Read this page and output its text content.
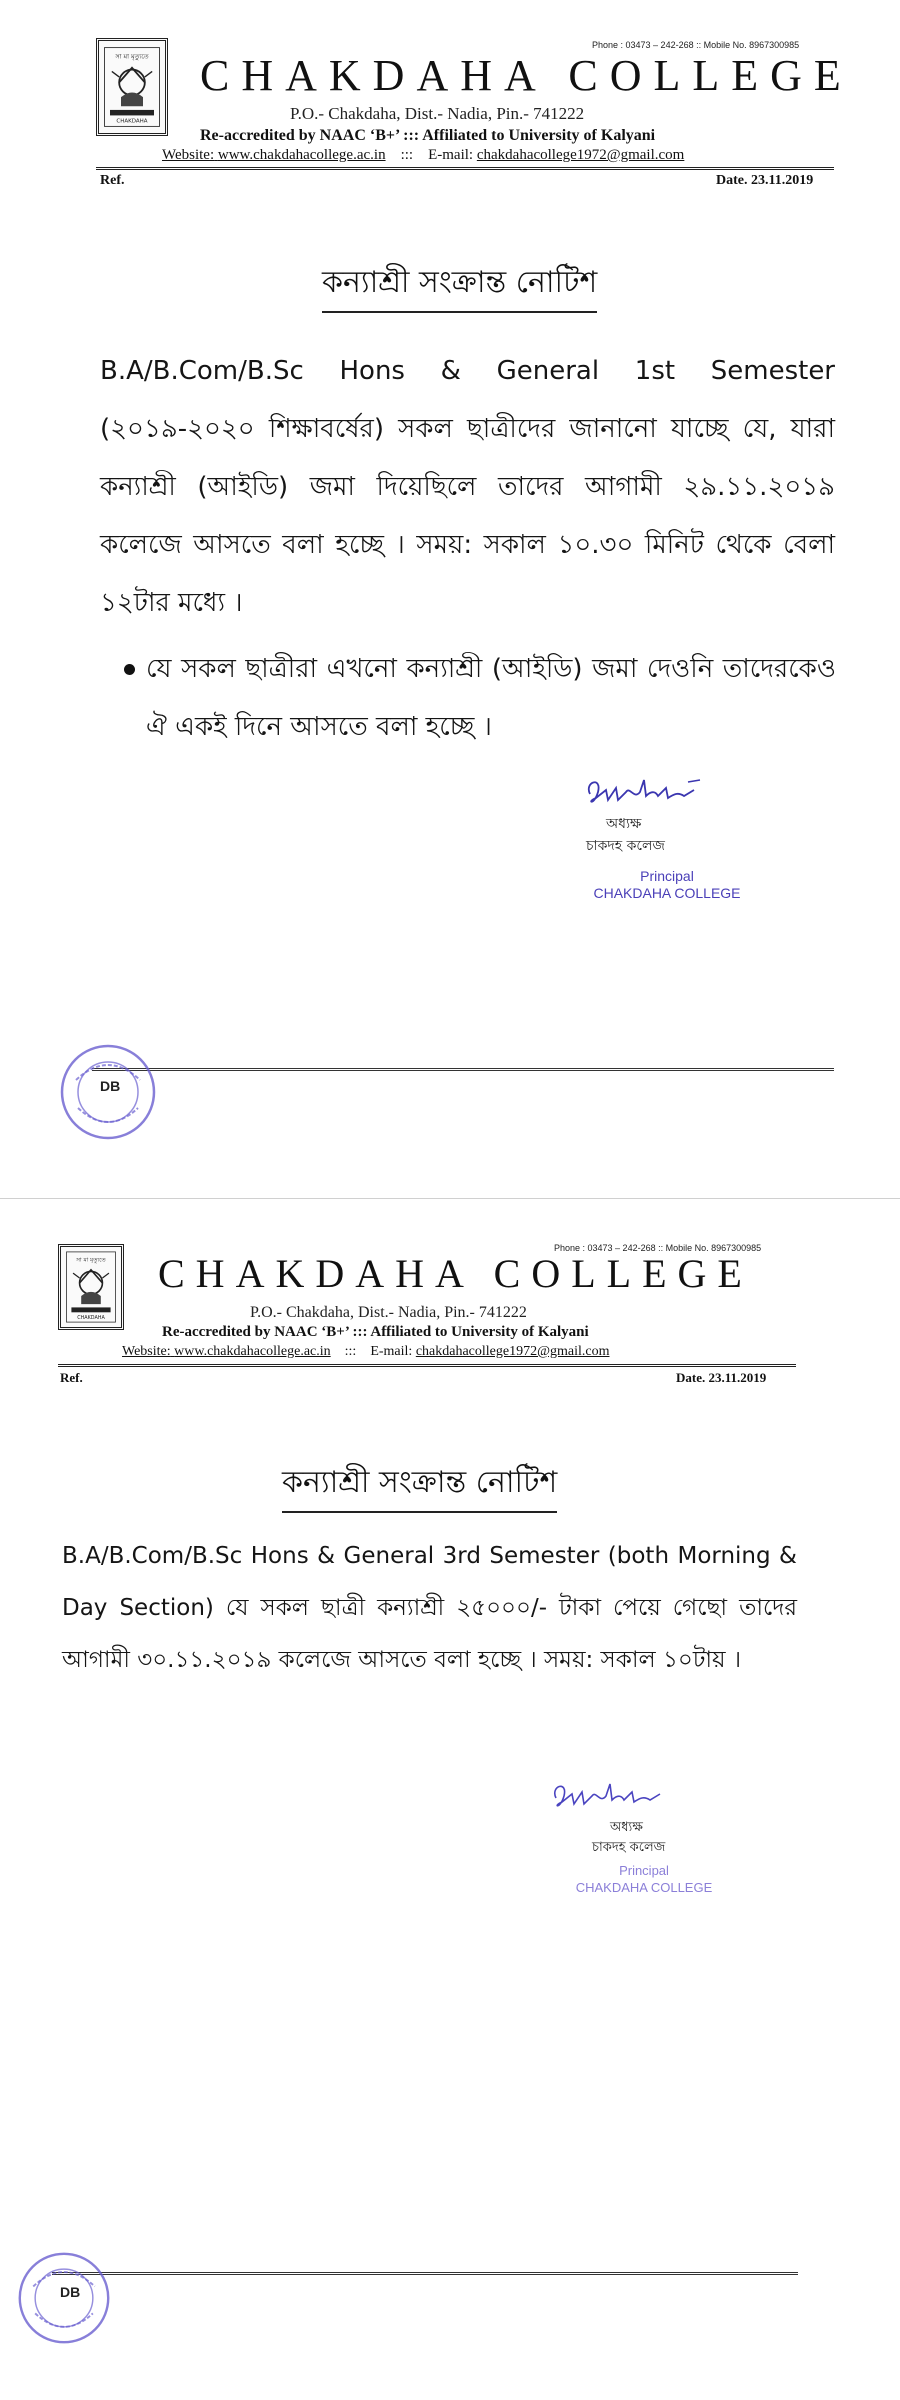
Phone : 03473 – 242-268 :: Mobile No. 8967300985
সা মা মৃত্যুতে
CHAKDAHA
CHAKDAHA COLLEGE
P.O.- Chakdaha, Dist.- Nadia, Pin.- 741222
Re-accredited by NAAC ‘B+’ ::: Affiliated to University of Kalyani
Website: www.chakdahacollege.ac.in ::: E-mail: chakdahacollege1972@gmail.com
Ref.	Date. 23.11.2019
কন্যাশ্রী সংক্রান্ত নোটিশ
B.A/B.Com/B.Sc Hons & General 1st Semester (২০১৯-২০২০ শিক্ষাবর্ষের) সকল ছাত্রীদের জানানো যাচ্ছে যে, যারা কন্যাশ্রী (আইডি) জমা দিয়েছিলে তাদের আগামী ২৯.১১.২০১৯ কলেজে আসতে বলা হচ্ছে । সময়: সকাল ১০.৩০ মিনিট থেকে বেলা ১২টার মধ্যে ।
যে সকল ছাত্রীরা এখনো কন্যাশ্রী (আইডি) জমা দেওনি তাদেরকেও ঐ একই দিনে আসতে বলা হচ্ছে ।
অধ্যক্ষ
চাকদহ কলেজ
Principal
CHAKDAHA COLLEGE
DB
Phone : 03473 – 242-268 :: Mobile No. 8967300985
সা মা মৃত্যুতে
CHAKDAHA
CHAKDAHA COLLEGE
P.O.- Chakdaha, Dist.- Nadia, Pin.- 741222
Re-accredited by NAAC ‘B+’ ::: Affiliated to University of Kalyani
Website: www.chakdahacollege.ac.in ::: E-mail: chakdahacollege1972@gmail.com
Ref.	Date. 23.11.2019
কন্যাশ্রী সংক্রান্ত নোটিশ
B.A/B.Com/B.Sc Hons & General 3rd Semester (both Morning & Day Section) যে সকল ছাত্রী কন্যাশ্রী ২৫০০০/- টাকা পেয়ে গেছো তাদের আগামী ৩০.১১.২০১৯ কলেজে আসতে বলা হচ্ছে । সময়: সকাল ১০টায় ।
অধ্যক্ষ
চাকদহ কলেজ
Principal
CHAKDAHA COLLEGE
DB
